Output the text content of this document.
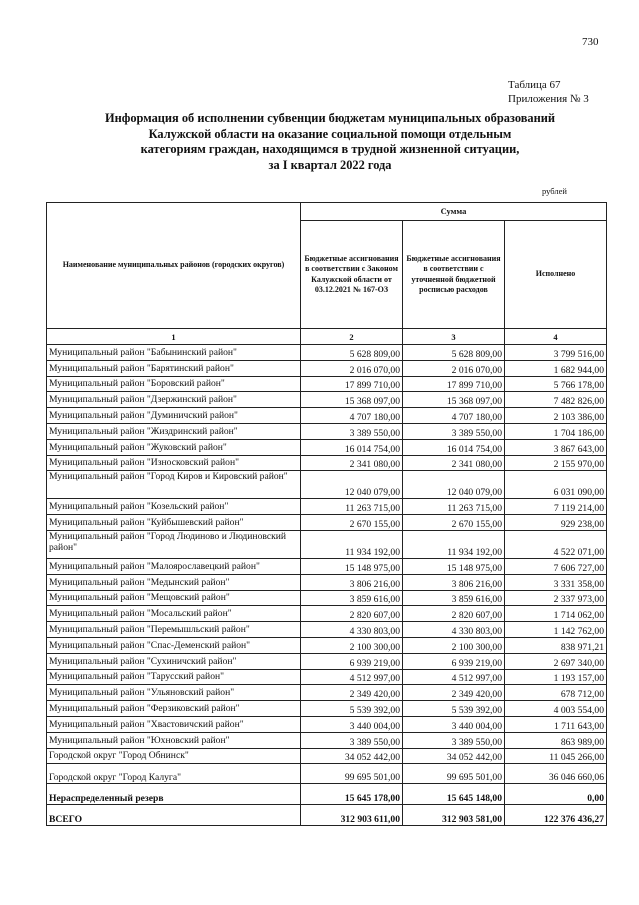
730
Таблица 67
Приложения № 3
Информация об исполнении субвенции бюджетам муниципальных образований
Калужской области на оказание социальной помощи отдельным
категориям граждан, находящимся в трудной жизненной ситуации,
за I квартал 2022 года
рублей
Наименование муниципальных районов (городских округов)	Сумма		
	Бюджетные ассигнования в соответствии с Законом Калужской области от 03.12.2021 № 167-ОЗ	Бюджетные ассигнования в соответствии с уточненной бюджетной росписью расходов	Исполнено
1	2	3	4
Муниципальный район "Бабынинский район"	5 628 809,00	5 628 809,00	3 799 516,00
Муниципальный район "Барятинский район"	2 016 070,00	2 016 070,00	1 682 944,00
Муниципальный район "Боровский район"	17 899 710,00	17 899 710,00	5 766 178,00
Муниципальный район "Дзержинский район"	15 368 097,00	15 368 097,00	7 482 826,00
Муниципальный район "Думиничский район"	4 707 180,00	4 707 180,00	2 103 386,00
Муниципальный район "Жиздринский район"	3 389 550,00	3 389 550,00	1 704 186,00
Муниципальный район "Жуковский район"	16 014 754,00	16 014 754,00	3 867 643,00
Муниципальный район "Износковский район"	2 341 080,00	2 341 080,00	2 155 970,00
Муниципальный район "Город Киров и Кировский район"	12 040 079,00	12 040 079,00	6 031 090,00
Муниципальный район "Козельский район"	11 263 715,00	11 263 715,00	7 119 214,00
Муниципальный район "Куйбышевский район"	2 670 155,00	2 670 155,00	929 238,00
Муниципальный район "Город Людиново и Людиновский район"	11 934 192,00	11 934 192,00	4 522 071,00
Муниципальный район "Малоярославецкий район"	15 148 975,00	15 148 975,00	7 606 727,00
Муниципальный район "Медынский район"	3 806 216,00	3 806 216,00	3 331 358,00
Муниципальный район "Мещовский район"	3 859 616,00	3 859 616,00	2 337 973,00
Муниципальный район "Мосальский район"	2 820 607,00	2 820 607,00	1 714 062,00
Муниципальный район "Перемышльский район"	4 330 803,00	4 330 803,00	1 142 762,00
Муниципальный район "Спас-Деменский район"	2 100 300,00	2 100 300,00	838 971,21
Муниципальный район "Сухиничский район"	6 939 219,00	6 939 219,00	2 697 340,00
Муниципальный район "Тарусский район"	4 512 997,00	4 512 997,00	1 193 157,00
Муниципальный район "Ульяновский район"	2 349 420,00	2 349 420,00	678 712,00
Муниципальный район "Ферзиковский район"	5 539 392,00	5 539 392,00	4 003 554,00
Муниципальный район "Хвастовичский район"	3 440 004,00	3 440 004,00	1 711 643,00
Муниципальный район "Юхновский район"	3 389 550,00	3 389 550,00	863 989,00
Городской округ "Город Обнинск"	34 052 442,00	34 052 442,00	11 045 266,00
Городской округ "Город Калуга"	99 695 501,00	99 695 501,00	36 046 660,06
Нераспределенный резерв	15 645 178,00	15 645 148,00	0,00
ВСЕГО	312 903 611,00	312 903 581,00	122 376 436,27
